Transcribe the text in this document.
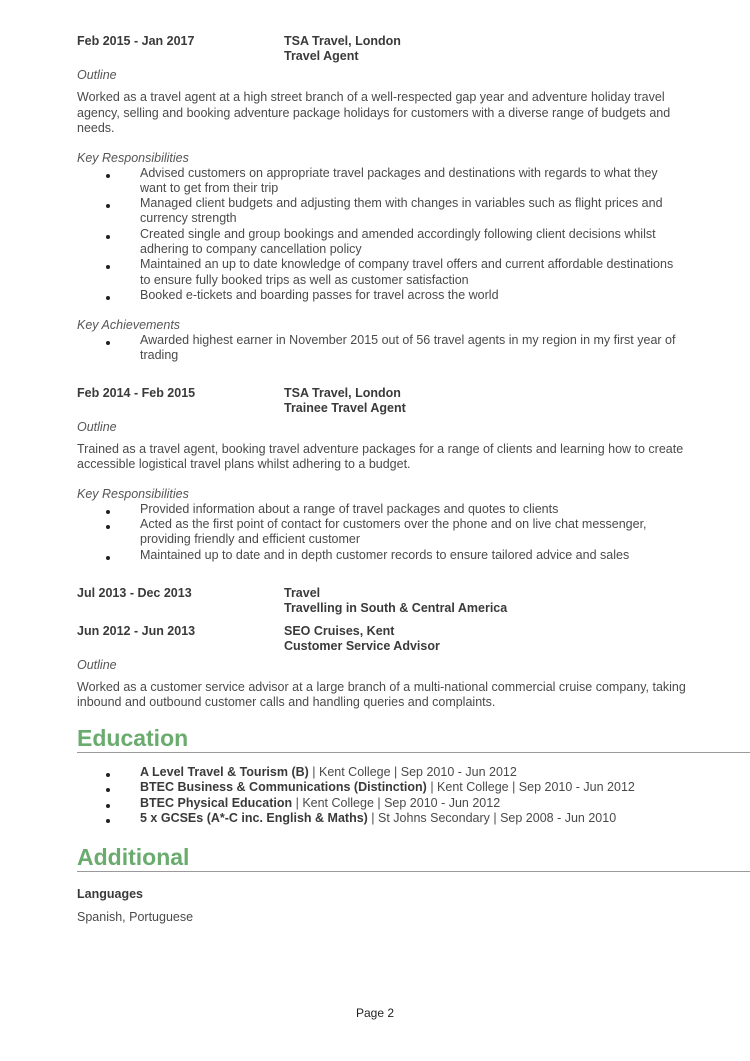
Feb 2015 - Jan 2017	TSA Travel, London
Travel Agent
Outline

Worked as a travel agent at a high street branch of a well-respected gap year and adventure holiday travel agency, selling and booking adventure package holidays for customers with a diverse range of budgets and needs.

Key Responsibilities
Advised customers on appropriate travel packages and destinations with regards to what they want to get from their trip
Managed client budgets and adjusting them with changes in variables such as flight prices and currency strength
Created single and group bookings and amended accordingly following client decisions whilst adhering to company cancellation policy
Maintained an up to date knowledge of company travel offers and current affordable destinations to ensure fully booked trips as well as customer satisfaction
Booked e-tickets and boarding passes for travel across the world
Key Achievements
Awarded highest earner in November 2015 out of 56 travel agents in my region in my first year of trading
Feb 2014 - Feb 2015	TSA Travel, London
Trainee Travel Agent
Outline

Trained as a travel agent, booking travel adventure packages for a range of clients and learning how to create accessible logistical travel plans whilst adhering to a budget.

Key Responsibilities
Provided information about a range of travel packages and quotes to clients
Acted as the first point of contact for customers over the phone and on live chat messenger, providing friendly and efficient customer
Maintained up to date and in depth customer records to ensure tailored advice and sales
Jul 2013 - Dec 2013	Travel
Travelling in South & Central America
Jun 2012 - Jun 2013	SEO Cruises, Kent
Customer Service Advisor
Outline

Worked as a customer service advisor at a large branch of a multi-national commercial cruise company, taking inbound and outbound customer calls and handling queries and complaints.

Education
A Level Travel & Tourism (B) | Kent College | Sep 2010 - Jun 2012
BTEC Business & Communications (Distinction) | Kent College | Sep 2010 - Jun 2012
BTEC Physical Education | Kent College | Sep 2010 - Jun 2012
5 x GCSEs (A*-C inc. English & Maths) | St Johns Secondary | Sep 2008 - Jun 2010
Additional
Languages

Spanish, Portuguese

Page 2
